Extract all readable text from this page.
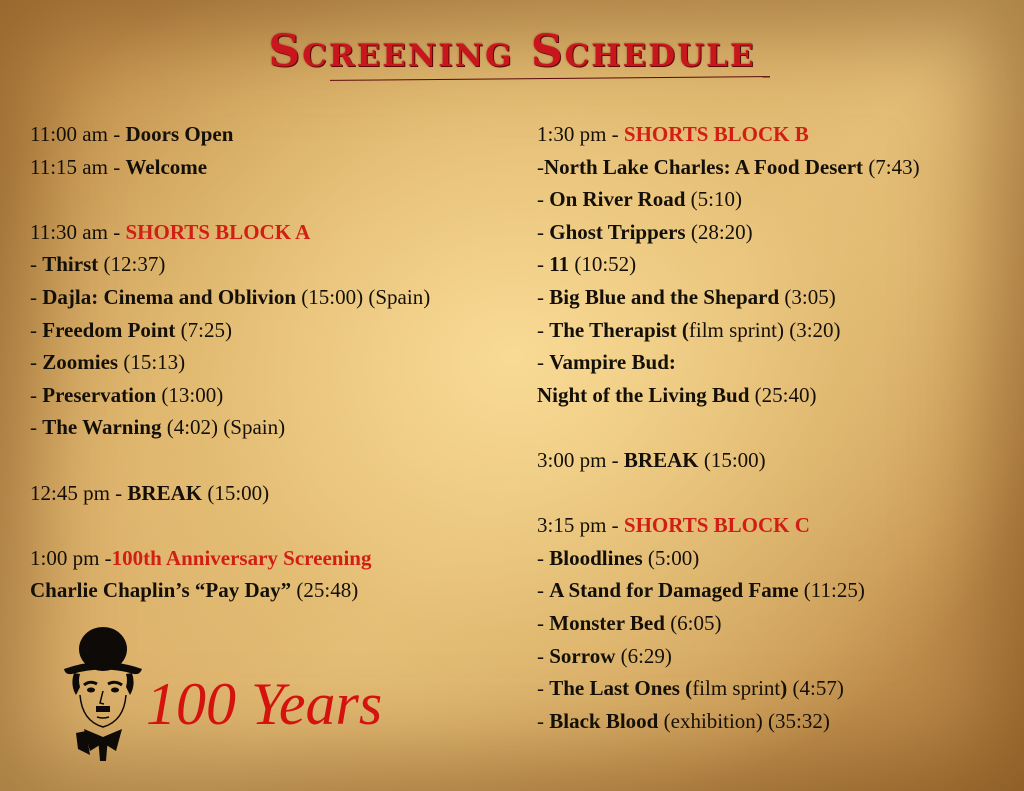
Screening Schedule
11:00 am - Doors Open
11:15 am - Welcome
11:30 am - SHORTS BLOCK A
- Thirst (12:37)
- Dajla: Cinema and Oblivion (15:00) (Spain)
- Freedom Point (7:25)
- Zoomies (15:13)
- Preservation (13:00)
- The Warning (4:02) (Spain)
12:45 pm - BREAK (15:00)
1:00 pm -100th Anniversary Screening
Charlie Chaplin’s “Pay Day” (25:48)
1:30 pm - SHORTS BLOCK B
-North Lake Charles: A Food Desert (7:43)
- On River Road (5:10)
- Ghost Trippers (28:20)
- 11 (10:52)
- Big Blue and the Shepard (3:05)
- The Therapist (film sprint) (3:20)
- Vampire Bud:
Night of the Living Bud (25:40)
3:00 pm - BREAK (15:00)
3:15 pm - SHORTS BLOCK C
- Bloodlines (5:00)
- A Stand for Damaged Fame (11:25)
- Monster Bed (6:05)
- Sorrow (6:29)
- The Last Ones (film sprint) (4:57)
- Black Blood (exhibition) (35:32)
100 Years
